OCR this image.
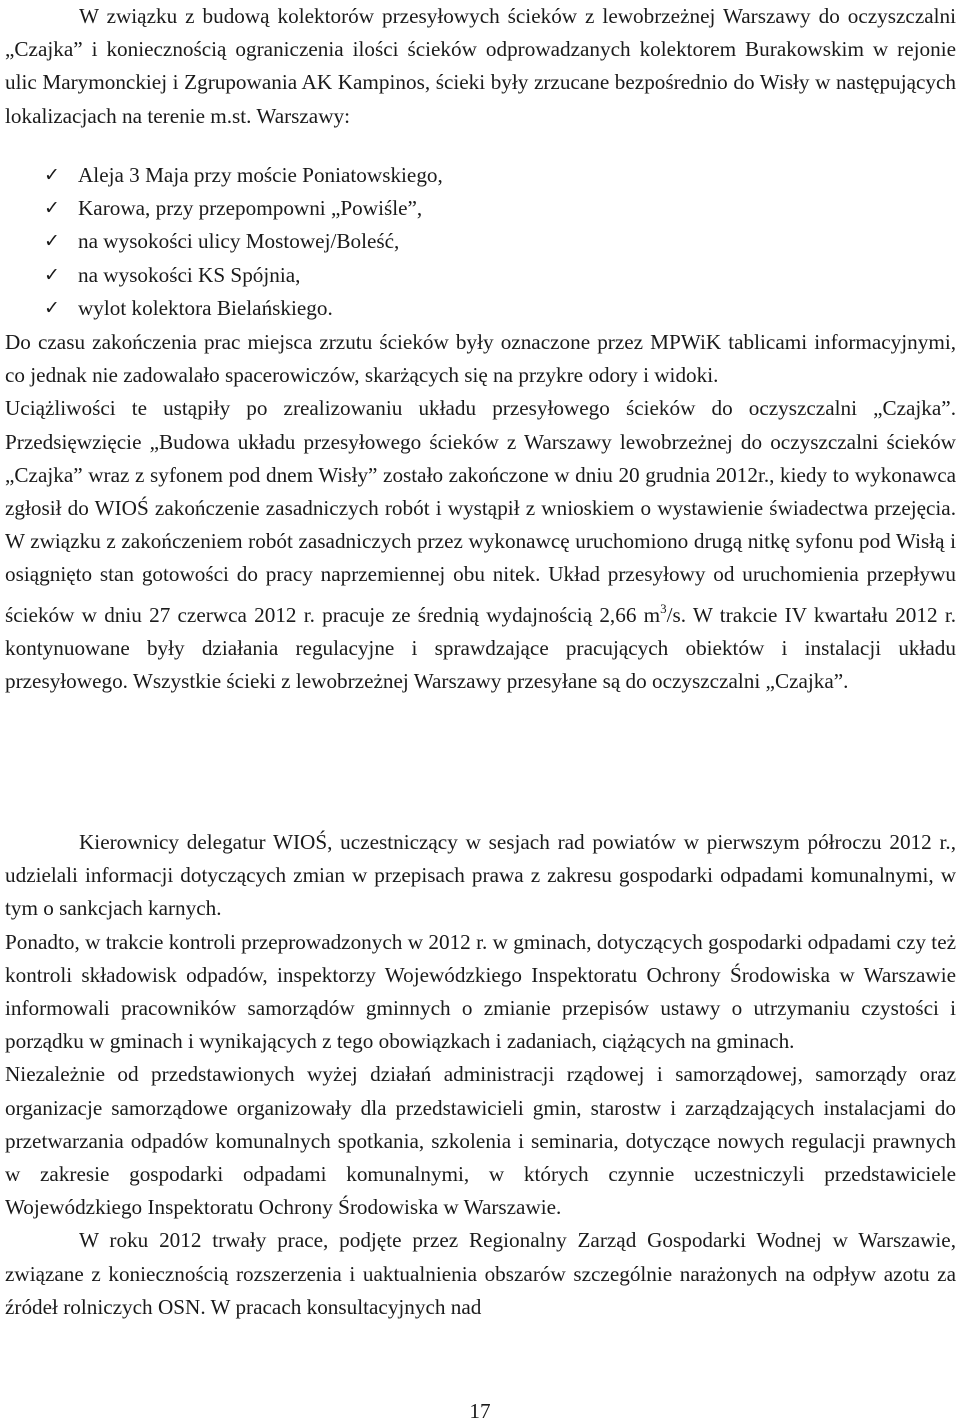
W związku z budową kolektorów przesyłowych ścieków z lewobrzeżnej Warszawy do oczyszczalni „Czajka” i koniecznością ograniczenia ilości ścieków odprowadzanych kolektorem Burakowskim w rejonie ulic Marymonckiej i Zgrupowania AK Kampinos, ścieki były zrzucane bezpośrednio do Wisły w następujących lokalizacjach na terenie m.st. Warszawy:

✓ Aleja 3 Maja przy moście Poniatowskiego,
✓ Karowa, przy przepompowni „Powiśle”,
✓ na wysokości ulicy Mostowej/Boleść,
✓ na wysokości KS Spójnia,
✓ wylot kolektora Bielańskiego.

Do czasu zakończenia prac miejsca zrzutu ścieków były oznaczone przez MPWiK tablicami informacyjnymi, co jednak nie zadowalało spacerowiczów, skarżących się na przykre odory i widoki.

Uciążliwości te ustąpiły po zrealizowaniu układu przesyłowego ścieków do oczyszczalni „Czajka”. Przedsięwzięcie „Budowa układu przesyłowego ścieków z Warszawy lewobrzeżnej do oczyszczalni ścieków „Czajka” wraz z syfonem pod dnem Wisły” zostało zakończone w dniu 20 grudnia 2012r., kiedy to wykonawca zgłosił do WIOŚ zakończenie zasadniczych robót i wystąpił z wnioskiem o wystawienie świadectwa przejęcia. W związku z zakończeniem robót zasadniczych przez wykonawcę uruchomiono drugą nitkę syfonu pod Wisłą i osiągnięto stan gotowości do pracy naprzemiennej obu nitek. Układ przesyłowy od uruchomienia przepływu ścieków w dniu 27 czerwca 2012 r. pracuje ze średnią wydajnością 2,66 $m^3/s$. W trakcie IV kwartału 2012 r. kontynuowane były działania regulacyjne i sprawdzające pracujących obiektów i instalacji układu przesyłowego. Wszystkie ścieki z lewobrzeżnej Warszawy przesyłane są do oczyszczalni „Czajka”.

Kierownicy delegatur WIOŚ, uczestniczący w sesjach rad powiatów w pierwszym półroczu 2012 r., udzielali informacji dotyczących zmian w przepisach prawa z zakresu gospodarki odpadami komunalnymi, w tym o sankcjach karnych.

Ponadto, w trakcie kontroli przeprowadzonych w 2012 r. w gminach, dotyczących gospodarki odpadami czy też kontroli składowisk odpadów, inspektorzy Wojewódzkiego Inspektoratu Ochrony Środowiska w Warszawie informowali pracowników samorządów gminnych o zmianie przepisów ustawy o utrzymaniu czystości i porządku w gminach i wynikających z tego obowiązkach i zadaniach, ciążących na gminach.

Niezależnie od przedstawionych wyżej działań administracji rządowej i samorządowej, samorządy oraz organizacje samorządowe organizowały dla przedstawicieli gmin, starostw i zarządzających instalacjami do przetwarzania odpadów komunalnych spotkania, szkolenia i seminaria, dotyczące nowych regulacji prawnych w zakresie gospodarki odpadami komunalnymi, w których czynnie uczestniczyli przedstawiciele Wojewódzkiego Inspektoratu Ochrony Środowiska w Warszawie.

W roku 2012 trwały prace, podjęte przez Regionalny Zarząd Gospodarki Wodnej w Warszawie, związane z koniecznością rozszerzenia i uaktualnienia obszarów szczególnie narażonych na odpływ azotu za źródeł rolniczych OSN. W pracach konsultacyjnych nad

17
